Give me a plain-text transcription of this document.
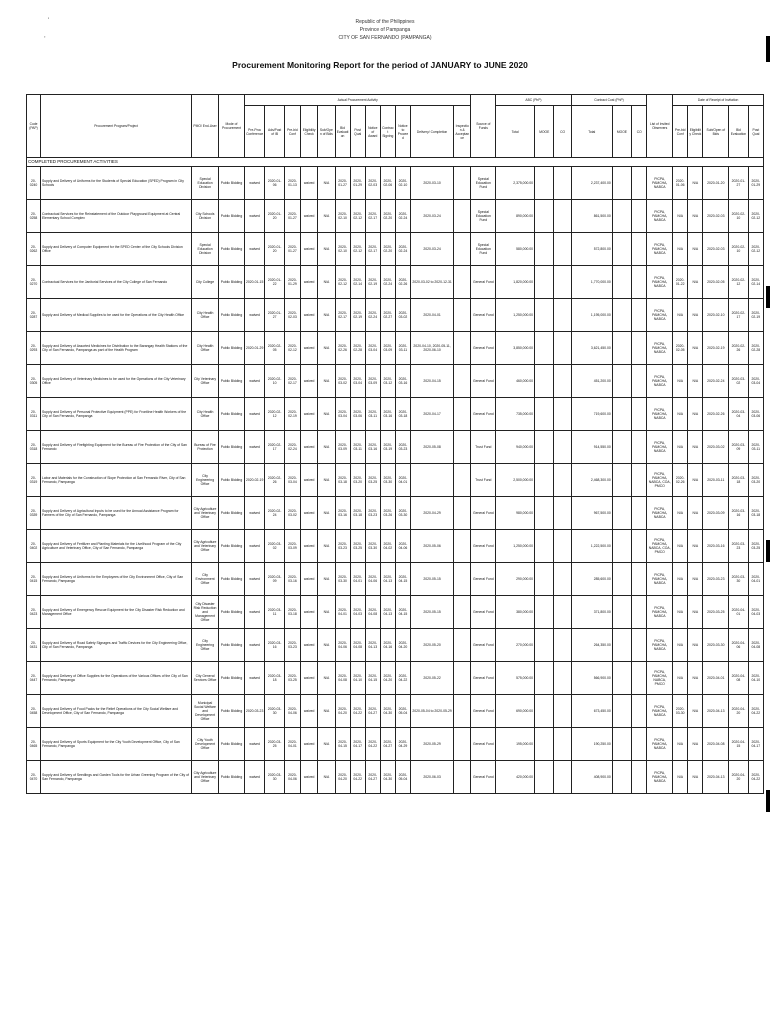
'
,
Republic of the Philippines
Province of Pampanga
CITY OF SAN FERNANDO (PAMPANGA)
Procurement Monitoring Report for the period of JANUARY to JUNE 2020
Code (PAP)	Procurement Program/Project	PMO/ End-User	Mode of Procurement	Actual Procurement Activity												Source of Funds	ABC (PhP)			Contract Cost (PhP)			List of Invited Observers	Date of Receipt of Invitation				
				Pre-Proc Conference	Ads/Post of IB	Pre-bid Conf	Eligibility Check	Sub/Open of Bids	Bid Evaluation	Post Qual	Notice of Award	Contract Signing	Notice to Proceed	Delivery/ Completion	Inspection & Acceptance		Total	MOOE	CO	Total	MOOE	CO		Pre-bid Conf	Eligibility Check	Sub/Open of Bids	Bid Evaluation	Post Qual
COMPLETED PROCUREMENT ACTIVITIES																												
20-0240	Supply and Delivery of Uniforms for the Students of Special Education (SPED) Program in City Schools	Special Education Division	Public Bidding	waived	2020-01-06	2020-01-13	waived	N/A	2020-01-27	2020-01-29	2020-02-03	2020-02-06	2020-02-10	2020-03-10		Special Education Fund	2,375,000.00			2,237,400.00			PICPA, PAMCHA, NABCA	2020-01-06	N/A	2020-01-20	2020-01-27	2020-01-29
20-0258	Contractual Services for the Reinstatement of the Outdoor Playground Equipment at Central Elementary School Complex	City Schools Division	Public Bidding	waived	2020-01-20	2020-01-27	waived	N/A	2020-02-10	2020-02-12	2020-02-17	2020-02-20	2020-02-24	2020-03-24		Special Education Fund	890,000.00			861,500.00			PICPA, PAMCHA, NABCA	N/A	N/A	2020-02-03	2020-02-10	2020-02-12
20-0262	Supply and Delivery of Computer Equipment for the SPED Center of the City Schools Division Office	Special Education Division	Public Bidding	waived	2020-01-20	2020-01-27	waived	N/A	2020-02-10	2020-02-12	2020-02-17	2020-02-20	2020-02-24	2020-03-24		Special Education Fund	580,000.00			572,800.00			PICPA, PAMCHA, NABCA	N/A	N/A	2020-02-03	2020-02-10	2020-02-12
20-0270	Contractual Services for the Janitorial Services of the City College of San Fernando	City College	Public Bidding	2020-01-15	2020-01-22	2020-01-29	waived	N/A	2020-02-12	2020-02-14	2020-02-19	2020-02-24	2020-02-26	2020-03-02 to 2020-12-31		General Fund	1,820,000.00			1,770,000.00			PICPA, PAMCHA, NABCA	2020-01-22	N/A	2020-02-05	2020-02-12	2020-02-14
20-0287	Supply and Delivery of Medical Supplies to be used for the Operations of the City Health Office	City Health Office	Public Bidding	waived	2020-01-27	2020-02-03	waived	N/A	2020-02-17	2020-02-19	2020-02-24	2020-02-27	2020-03-02	2020-04-01		General Fund	1,250,000.00			1,195,000.00			PICPA, PAMCHA, NABCA	N/A	N/A	2020-02-10	2020-02-17	2020-02-19
20-0293	Supply and Delivery of Assorted Medicines for Distribution to the Barangay Health Stations of the City of San Fernando, Pampanga as part of the Health Program	City Health Office	Public Bidding	2020-01-29	2020-02-05	2020-02-12	waived	N/A	2020-02-26	2020-02-28	2020-03-04	2020-03-09	2020-03-11	2020-04-10, 2020-05-11, 2020-06-10		General Fund	3,850,000.00			3,621,450.00			PICPA, PAMCHA, NABCA	2020-02-05	N/A	2020-02-19	2020-02-26	2020-02-28
20-0305	Supply and Delivery of Veterinary Medicines to be used for the Operations of the City Veterinary Office	City Veterinary Office	Public Bidding	waived	2020-02-10	2020-02-17	waived	N/A	2020-03-02	2020-03-04	2020-03-09	2020-03-12	2020-03-16	2020-04-15		General Fund	460,000.00			451,200.00			PICPA, PAMCHA, NABCA	N/A	N/A	2020-02-24	2020-03-02	2020-03-04
20-0311	Supply and Delivery of Personal Protective Equipment (PPE) for Frontline Health Workers of the City of San Fernando, Pampanga	City Health Office	Public Bidding	waived	2020-02-12	2020-02-19	waived	N/A	2020-03-04	2020-03-06	2020-03-11	2020-03-16	2020-03-18	2020-04-17		General Fund	735,000.00			719,600.00			PICPA, PAMCHA, NABCA	N/A	N/A	2020-02-26	2020-03-04	2020-03-06
20-0318	Supply and Delivery of Firefighting Equipment for the Bureau of Fire Protection of the City of San Fernando	Bureau of Fire Protection	Public Bidding	waived	2020-02-17	2020-02-24	waived	N/A	2020-03-09	2020-03-11	2020-03-16	2020-03-19	2020-03-23	2020-05-08		Trust Fund	940,000.00			914,550.00			PICPA, PAMCHA, NABCA	N/A	N/A	2020-03-02	2020-03-09	2020-03-11
20-0319	Labor and Materials for the Construction of Slope Protection at San Fernando River, City of San Fernando, Pampanga	City Engineering Office	Public Bidding	2020-02-19	2020-02-26	2020-03-04	waived	N/A	2020-03-18	2020-03-20	2020-03-25	2020-03-30	2020-04-01			Trust Fund	2,500,000.00			2,468,300.00			PICPA, PAMCHA, NABCA, COA, PMCO	2020-02-26	N/A	2020-03-11	2020-03-18	2020-03-20
20-0339	Supply and Delivery of Agricultural Inputs to be used for the Annual Assistance Program for Farmers of the City of San Fernando, Pampanga	City Agriculture and Veterinary Office	Public Bidding	waived	2020-02-24	2020-03-02	waived	N/A	2020-03-16	2020-03-18	2020-03-23	2020-03-26	2020-03-30	2020-04-29		General Fund	980,000.00			967,500.00			PICPA, PAMCHA, NABCA	N/A	N/A	2020-03-09	2020-03-16	2020-03-18
20-0402	Supply and Delivery of Fertilizer and Planting Materials for the Livelihood Program of the City Agriculture and Veterinary Office, City of San Fernando, Pampanga	City Agriculture and Veterinary Office	Public Bidding	waived	2020-03-02	2020-03-09	waived	N/A	2020-03-23	2020-03-25	2020-03-30	2020-04-02	2020-04-06	2020-05-06		General Fund	1,250,000.00			1,222,500.00			PICPA, PAMCHA, NABCA, COA, PMCO	N/A	N/A	2020-03-16	2020-03-23	2020-03-25
20-0415	Supply and Delivery of Uniforms for the Employees of the City Environment Office, City of San Fernando, Pampanga	City Environment Office	Public Bidding	waived	2020-03-09	2020-03-16	waived	N/A	2020-03-30	2020-04-01	2020-04-06	2020-04-13	2020-04-15	2020-05-15		General Fund	290,000.00			285,600.00			PICPA, PAMCHA, NABCA	N/A	N/A	2020-03-23	2020-03-30	2020-04-01
20-0423	Supply and Delivery of Emergency Rescue Equipment for the City Disaster Risk Reduction and Management Office	City Disaster Risk Reduction and Management Office	Public Bidding	waived	2020-03-11	2020-03-18	waived	N/A	2020-04-01	2020-04-03	2020-04-08	2020-04-13	2020-04-15	2020-05-15		General Fund	380,000.00			371,800.00			PICPA, PAMCHA, NABCA	N/A	N/A	2020-03-25	2020-04-01	2020-04-03
20-0431	Supply and Delivery of Road Safety Signages and Traffic Devices for the City Engineering Office, City of San Fernando, Pampanga	City Engineering Office	Public Bidding	waived	2020-03-16	2020-03-23	waived	N/A	2020-04-06	2020-04-08	2020-04-13	2020-04-16	2020-04-20	2020-05-20		General Fund	270,000.00			264,350.00			PICPA, PAMCHA, NABCA	N/A	N/A	2020-03-30	2020-04-06	2020-04-08
20-0447	Supply and Delivery of Office Supplies for the Operations of the Various Offices of the City of San Fernando, Pampanga	City General Services Office	Public Bidding	waived	2020-03-18	2020-03-25	waived	N/A	2020-04-08	2020-04-10	2020-04-15	2020-04-20	2020-04-22	2020-05-22		General Fund	575,000.00			566,900.00			PICPA, PAMCHA, NABCA, PMCO	N/A	N/A	2020-04-01	2020-04-08	2020-04-10
20-0458	Supply and Delivery of Food Packs for the Relief Operations of the City Social Welfare and Development Office, City of San Fernando, Pampanga	Municipal Social Welfare and Development Office	Public Bidding	2020-03-23	2020-03-30	2020-04-06	waived	N/A	2020-04-20	2020-04-22	2020-04-27	2020-04-30	2020-05-04	2020-05-04 to 2020-05-29		General Fund	690,000.00			673,450.00			PICPA, PAMCHA, NABCA	2020-03-30	N/A	2020-04-13	2020-04-20	2020-04-22
20-0465	Supply and Delivery of Sports Equipment for the City Youth Development Office, City of San Fernando, Pampanga	City Youth Development Office	Public Bidding	waived	2020-03-25	2020-04-01	waived	N/A	2020-04-15	2020-04-17	2020-04-22	2020-04-27	2020-04-29	2020-05-29		General Fund	195,000.00			190,250.00			PICPA, PAMCHA, NABCA	N/A	N/A	2020-04-08	2020-04-15	2020-04-17
20-0470	Supply and Delivery of Seedlings and Garden Tools for the Urban Greening Program of the City of San Fernando, Pampanga	City Agriculture and Veterinary Office	Public Bidding	waived	2020-03-30	2020-04-06	waived	N/A	2020-04-20	2020-04-22	2020-04-27	2020-04-30	2020-05-04	2020-06-03		General Fund	420,000.00			408,900.00			PICPA, PAMCHA, NABCA	N/A	N/A	2020-04-13	2020-04-20	2020-04-22
